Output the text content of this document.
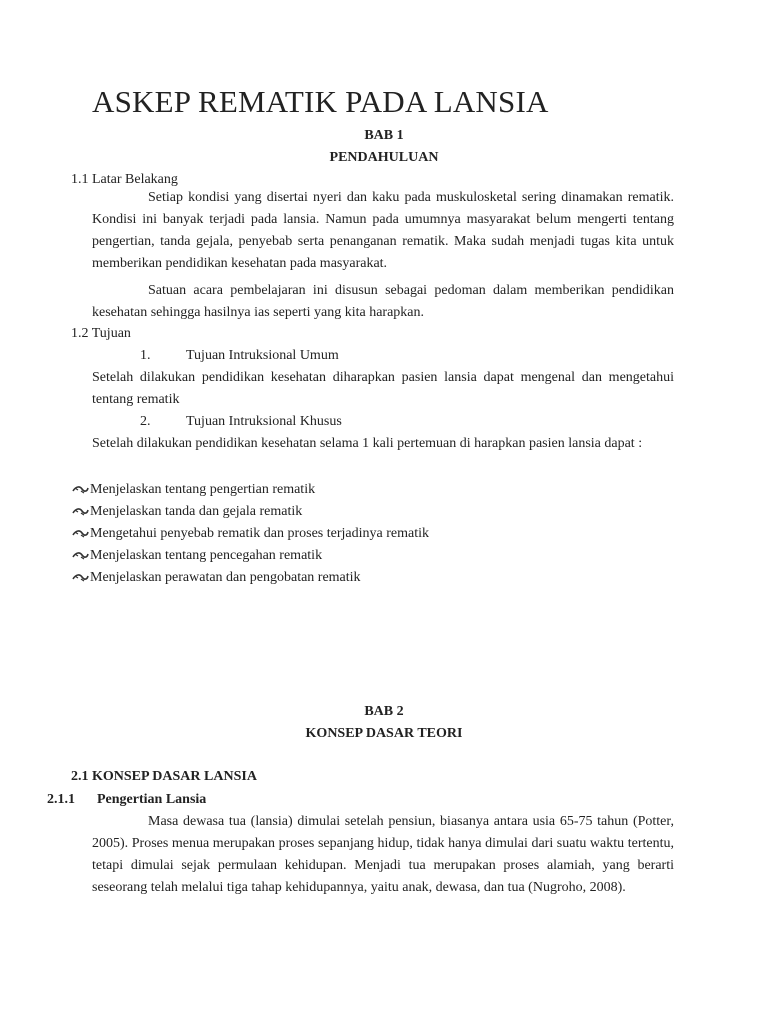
ASKEP REMATIK PADA LANSIA

BAB 1

PENDAHULUAN

1.1 Latar Belakang

Setiap kondisi yang disertai nyeri dan kaku pada muskulosketal sering dinamakan rematik. Kondisi ini banyak terjadi pada lansia. Namun pada umumnya masyarakat belum mengerti tentang pengertian, tanda gejala, penyebab serta penanganan rematik. Maka sudah menjadi tugas kita untuk memberikan pendidikan kesehatan pada masyarakat.

Satuan acara pembelajaran ini disusun sebagai pedoman dalam memberikan pendidikan kesehatan sehingga hasilnya ias seperti yang kita harapkan.

1.2 Tujuan

1.	Tujuan Intruksional Umum

Setelah dilakukan pendidikan kesehatan diharapkan pasien lansia dapat mengenal dan mengetahui tentang rematik

2.	Tujuan Intruksional Khusus

Setelah dilakukan pendidikan kesehatan selama 1 kali pertemuan di harapkan pasien lansia dapat :

Menjelaskan tentang pengertian rematik
Menjelaskan tanda dan gejala rematik
Mengetahui penyebab rematik dan proses terjadinya rematik
Menjelaskan tentang pencegahan rematik
Menjelaskan perawatan dan pengobatan rematik

BAB 2

KONSEP DASAR TEORI

2.1 KONSEP DASAR LANSIA

2.1.1 Pengertian Lansia

Masa dewasa tua (lansia) dimulai setelah pensiun, biasanya antara usia 65-75 tahun (Potter, 2005). Proses menua merupakan proses sepanjang hidup, tidak hanya dimulai dari suatu waktu tertentu, tetapi dimulai sejak permulaan kehidupan. Menjadi tua merupakan proses alamiah, yang berarti seseorang telah melalui tiga tahap kehidupannya, yaitu anak, dewasa, dan tua (Nugroho, 2008).
